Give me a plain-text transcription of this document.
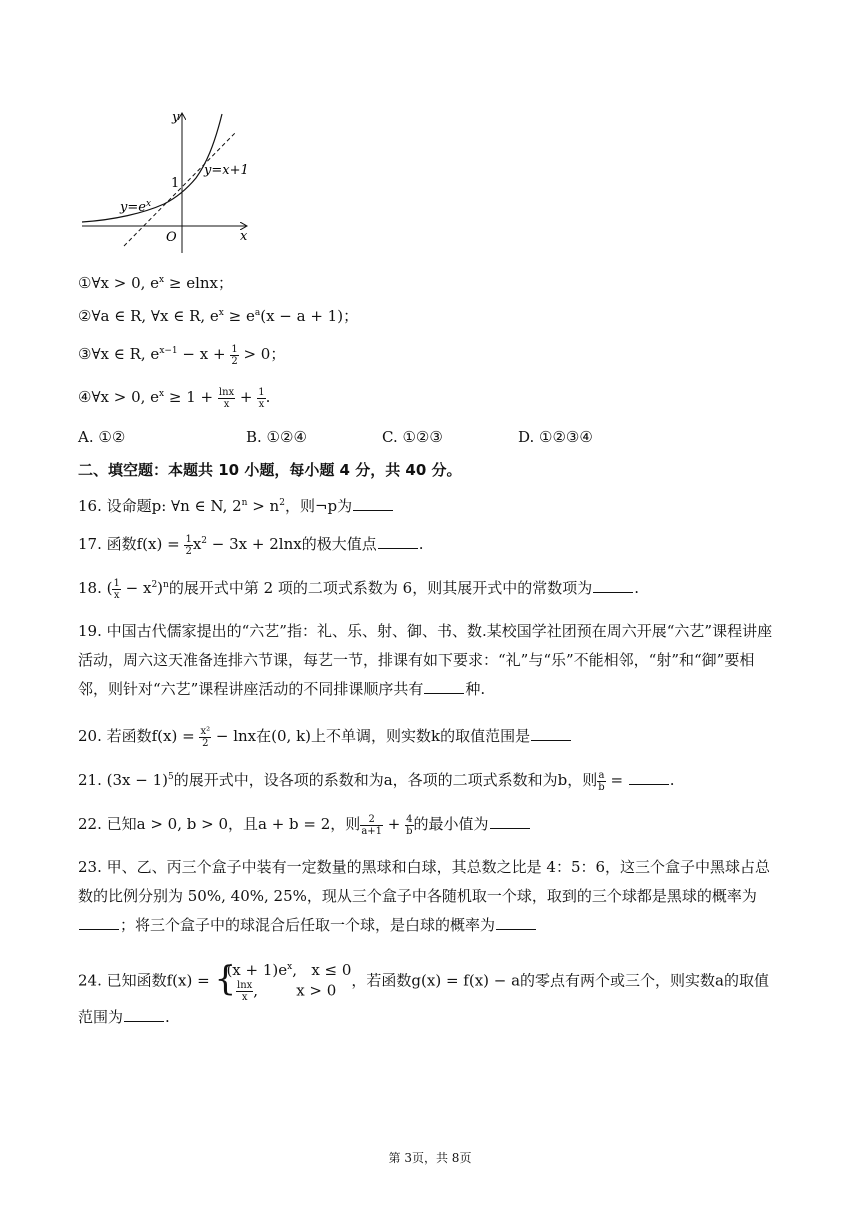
y
x
O
1
y=x+1
$y=e^x$
①∀x > 0, $e^x \ge elnx$；
②∀a ∈ R, ∀x ∈ R, $e^x \ge e^a(x - a + 1)$；
③∀x ∈ R, $e^{x-1} - x + \frac{1}{2} > 0$；
④∀x > 0, $e^x \ge 1 + \frac{\ln x}{x} + \frac{1}{x}$ .
A. ①②	B. ①②④	C. ①②③	D. ①②③④
二、填空题：本题共 10 小题，每小题 4 分，共 40 分。
16. 设命题p: ∀n ∈ N, $2^n > n^2$，则¬p为
17. 函数$f(x) = \frac{1}{2} x^2 - 3x + 2\ln x$的极大值点	.
18. ( $\frac{1}{x} - x^2)^n$的展开式中第 2 项的二项式系数为 6，则其展开式中的常数项为	.
19. 中国古代儒家提出的“六艺”指：礼、乐、射、御、书、数.某校国学社团预在周六开展“六艺”课程讲座活动，周六这天准备连排六节课，每艺一节，排课有如下要求：“礼”与“乐”不能相邻，“射”和“御”要相邻，则针对“六艺”课程讲座活动的不同排课顺序共有	种.
20. 若函数$f(x) = \frac{\text{x²}}{2} - \ln x$在(0, k)上不单调，则实数k的取值范围是
21. $(3x - 1)^5$的展开式中，设各项的系数和为a，各项的二项式系数和为b，则 $\frac{a}{b}$ =	.
22. 已知a > 0, b > 0，且a + b = 2，则 $\frac{2}{a+1} + \frac{4}{b}$ 的最小值为
23. 甲、乙、丙三个盒子中装有一定数量的黑球和白球，其总数之比是 4：5：6，这三个盒子中黑球占总数的比例分别为 50%, 40%, 25%，现从三个盒子中各随机取一个球，取到的三个球都是黑球的概率为；将三个盒子中的球混合后任取一个球，是白球的概率为
24. 已知函数f(x) = {
$(x + 1)e^x$,   x ≤ 0

$\frac{\ln x}{x}$ ,        x > 0
，若函数g(x) = f(x) − a的零点有两个或三个，则实数a的取值范围为	.
第 3页，共 8页
